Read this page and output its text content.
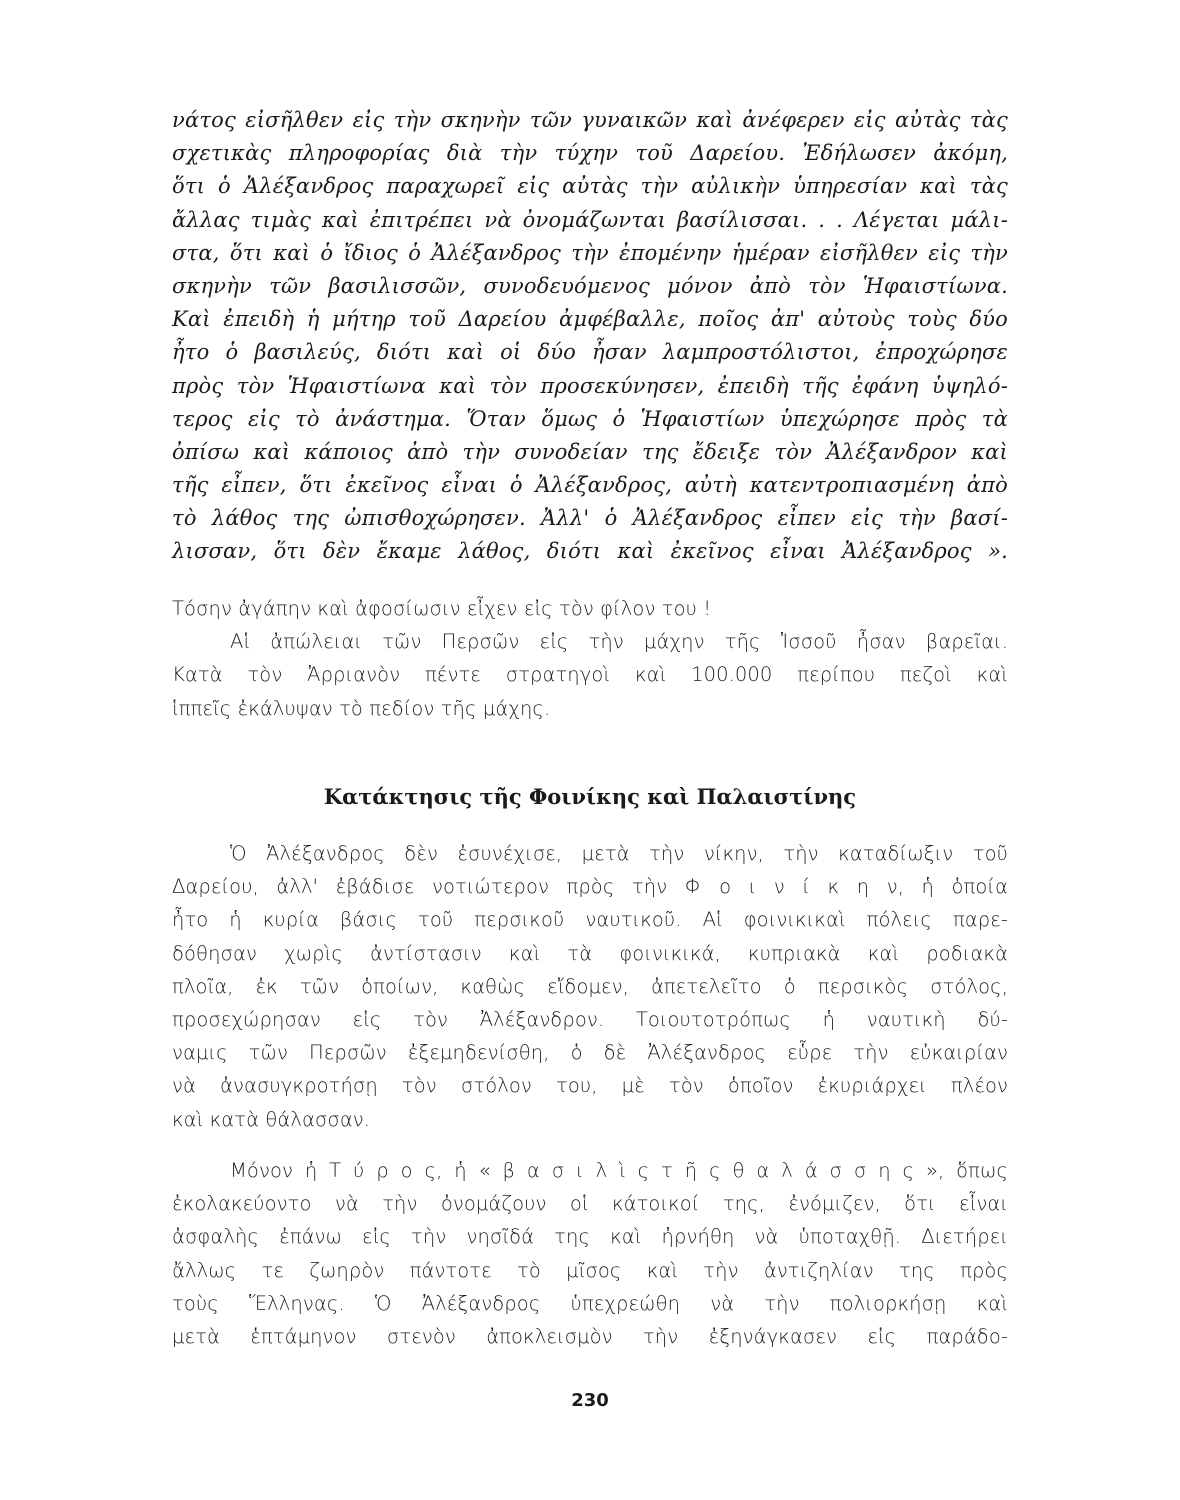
νάτος εἰσῆλθεν εἰς τὴν σκηνὴν τῶν γυναικῶν καὶ ἀνέφερεν εἰς αὐτὰς τὰς
σχετικὰς πληροφορίας διὰ τὴν τύχην τοῦ Δαρείου. Ἐδήλωσεν ἀκόμη,
ὅτι ὁ Ἀλέξανδρος παραχωρεῖ εἰς αὐτὰς τὴν αὐλικὴν ὑπηρεσίαν καὶ τὰς
ἄλλας τιμὰς καὶ ἐπιτρέπει νὰ ὀνομάζωνται βασίλισσαι. . . Λέγεται μάλι-
στα, ὅτι καὶ ὁ ἴδιος ὁ Ἀλέξανδρος τὴν ἐπομένην ἡμέραν εἰσῆλθεν εἰς τὴν
σκηνὴν τῶν βασιλισσῶν, συνοδευόμενος μόνον ἀπὸ τὸν Ἡφαιστίωνα.
Καὶ ἐπειδὴ ἡ μήτηρ τοῦ Δαρείου ἀμφέβαλλε, ποῖος ἀπ' αὐτοὺς τοὺς δύο
ἦτο ὁ βασιλεύς, διότι καὶ οἱ δύο ἦσαν λαμπροστόλιστοι, ἐπροχώρησε
πρὸς τὸν Ἡφαιστίωνα καὶ τὸν προσεκύνησεν, ἐπειδὴ τῆς ἐφάνη ὑψηλό-
τερος εἰς τὸ ἀνάστημα. Ὅταν ὅμως ὁ Ἡφαιστίων ὑπεχώρησε πρὸς τὰ
ὀπίσω καὶ κάποιος ἀπὸ τὴν συνοδείαν της ἔδειξε τὸν Ἀλέξανδρον καὶ
τῆς εἶπεν, ὅτι ἐκεῖνος εἶναι ὁ Ἀλέξανδρος, αὐτὴ κατεντροπιασμένη ἀπὸ
τὸ λάθος της ὠπισθοχώρησεν. Ἀλλ' ὁ Ἀλέξανδρος εἶπεν εἰς τὴν βασί-
λισσαν, ὅτι δὲν ἔκαμε λάθος, διότι καὶ ἐκεῖνος εἶναι Ἀλέξανδρος ».
Τόσην ἀγάπην καὶ ἀφοσίωσιν εἶχεν εἰς τὸν φίλον του !
Αἱ ἀπώλειαι τῶν Περσῶν εἰς τὴν μάχην τῆς Ἰσσοῦ ἦσαν βαρεῖαι.
Κατὰ τὸν Ἀρριανὸν πέντε στρατηγοὶ καὶ 100.000 περίπου πεζοὶ καὶ
ἱππεῖς ἐκάλυψαν τὸ πεδίον τῆς μάχης.
Κατάκτησις τῆς Φοινίκης καὶ Παλαιστίνης
Ὁ Ἀλέξανδρος δὲν ἐσυνέχισε, μετὰ τὴν νίκην, τὴν καταδίωξιν τοῦ
Δαρείου, ἀλλ' ἐβάδισε νοτιώτερον πρὸς τὴν Φ ο ι ν ί κ η ν, ἡ ὁποία
ἦτο ἡ κυρία βάσις τοῦ περσικοῦ ναυτικοῦ. Αἱ φοινικικαὶ πόλεις παρε-
δόθησαν χωρὶς ἀντίστασιν καὶ τὰ φοινικικά, κυπριακὰ καὶ ροδιακὰ
πλοῖα, ἐκ τῶν ὁποίων, καθὼς εἴδομεν, ἀπετελεῖτο ὁ περσικὸς στόλος,
προσεχώρησαν εἰς τὸν Ἀλέξανδρον. Τοιουτοτρόπως ἡ ναυτικὴ δύ-
ναμις τῶν Περσῶν ἐξεμηδενίσθη, ὁ δὲ Ἀλέξανδρος εὗρε τὴν εὐκαιρίαν
νὰ ἀνασυγκροτήσῃ τὸν στόλον του, μὲ τὸν ὁποῖον ἐκυριάρχει πλέον
καὶ κατὰ θάλασσαν.
Μόνον ἡ Τ ύ ρ ο ς, ἡ « β α σ ι λ ὶ ς τ ῆ ς θ α λ ά σ σ η ς », ὅπως
ἐκολακεύοντο νὰ τὴν ὀνομάζουν οἱ κάτοικοί της, ἐνόμιζεν, ὅτι εἶναι
ἀσφαλὴς ἐπάνω εἰς τὴν νησῖδά της καὶ ἠρνήθη νὰ ὑποταχθῇ. Διετήρει
ἄλλως τε ζωηρὸν πάντοτε τὸ μῖσος καὶ τὴν ἀντιζηλίαν της πρὸς
τοὺς Ἕλληνας. Ὁ Ἀλέξανδρος ὑπεχρεώθη νὰ τὴν πολιορκήσῃ καὶ
μετὰ ἑπτάμηνον στενὸν ἀποκλεισμὸν τὴν ἐξηνάγκασεν εἰς παράδο-
230
